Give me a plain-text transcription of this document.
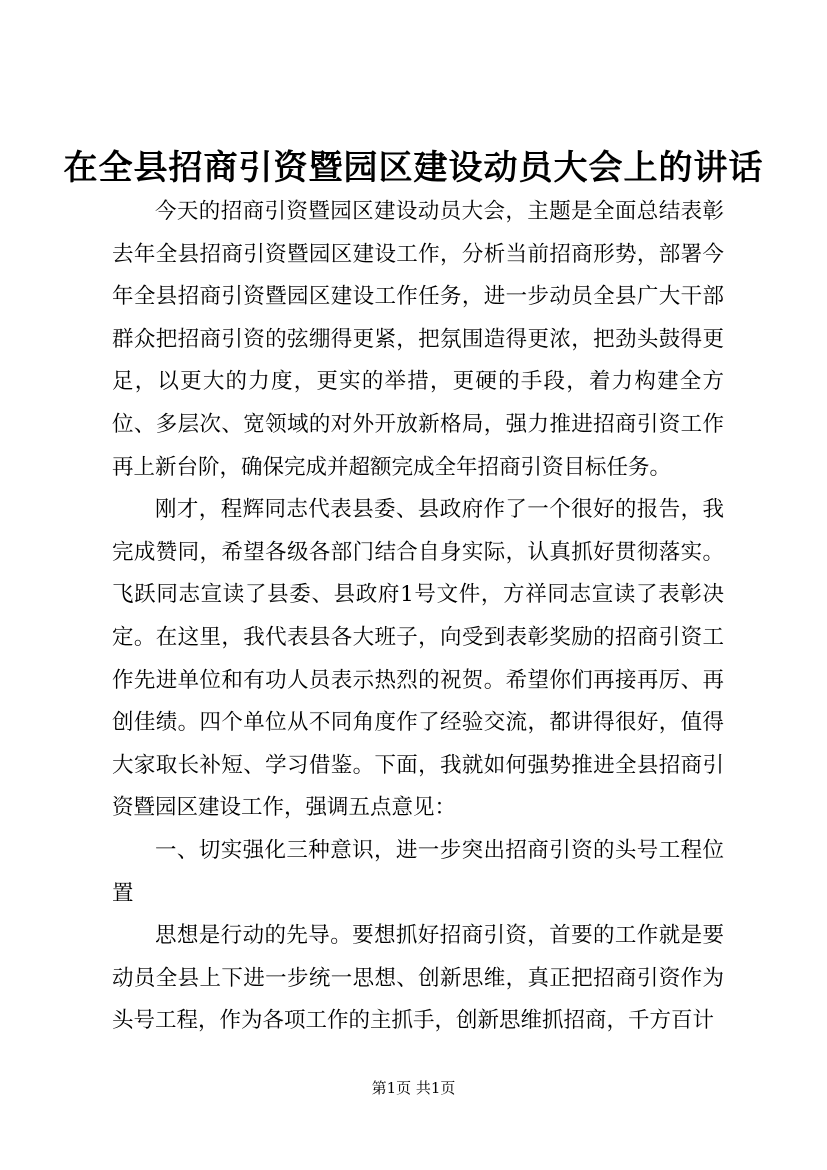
在全县招商引资暨园区建设动员大会上的讲话

今天的招商引资暨园区建设动员大会，主题是全面总结表彰去年全县招商引资暨园区建设工作，分析当前招商形势，部署今年全县招商引资暨园区建设工作任务，进一步动员全县广大干部群众把招商引资的弦绷得更紧，把氛围造得更浓，把劲头鼓得更足，以更大的力度，更实的举措，更硬的手段，着力构建全方位、多层次、宽领域的对外开放新格局，强力推进招商引资工作再上新台阶，确保完成并超额完成全年招商引资目标任务。

刚才，程辉同志代表县委、县政府作了一个很好的报告，我完成赞同，希望各级各部门结合自身实际，认真抓好贯彻落实。飞跃同志宣读了县委、县政府1号文件，方祥同志宣读了表彰决定。在这里，我代表县各大班子，向受到表彰奖励的招商引资工作先进单位和有功人员表示热烈的祝贺。希望你们再接再厉、再创佳绩。四个单位从不同角度作了经验交流，都讲得很好，值得大家取长补短、学习借鉴。下面，我就如何强势推进全县招商引资暨园区建设工作，强调五点意见：

一、切实强化三种意识，进一步突出招商引资的头号工程位置

思想是行动的先导。要想抓好招商引资，首要的工作就是要动员全县上下进一步统一思想、创新思维，真正把招商引资作为头号工程，作为各项工作的主抓手，创新思维抓招商，千方百计

第1页 共1页
